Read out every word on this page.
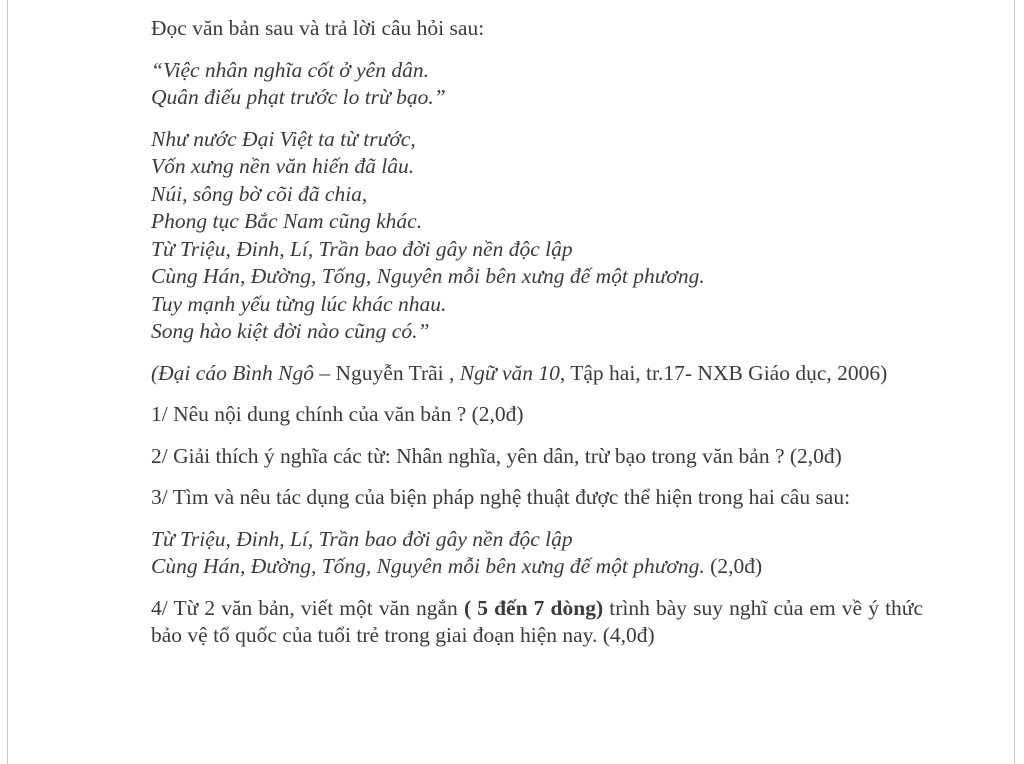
Đọc văn bản sau và trả lời câu hỏi sau:

“Việc nhân nghĩa cốt ở yên dân.
Quân điếu phạt trước lo trừ bạo.”

Như nước Đại Việt ta từ trước,
Vốn xưng nền văn hiến đã lâu.
Núi, sông bờ cõi đã chia,
Phong tục Bắc Nam cũng khác.
Từ Triệu, Đinh, Lí, Trần bao đời gây nền độc lập
Cùng Hán, Đường, Tống, Nguyên mỗi bên xưng đế một phương.
Tuy mạnh yếu từng lúc khác nhau.
Song hào kiệt đời nào cũng có.”

(Đại cáo Bình Ngô – Nguyễn Trãi , Ngữ văn 10, Tập hai, tr.17- NXB Giáo dục, 2006)

1/ Nêu nội dung chính của văn bản ? (2,0đ)

2/ Giải thích ý nghĩa các từ: Nhân nghĩa, yên dân, trừ bạo trong văn bản ? (2,0đ)

3/ Tìm và nêu tác dụng của biện pháp nghệ thuật được thể hiện trong hai câu sau:

Từ Triệu, Đinh, Lí, Trần bao đời gây nền độc lập
Cùng Hán, Đường, Tống, Nguyên mỗi bên xưng đế một phương. (2,0đ)

4/ Từ 2 văn bản, viết một văn ngắn ( 5 đến 7 dòng) trình bày suy nghĩ của em về ý thức bảo vệ tổ quốc của tuổi trẻ trong giai đoạn hiện nay. (4,0đ)
